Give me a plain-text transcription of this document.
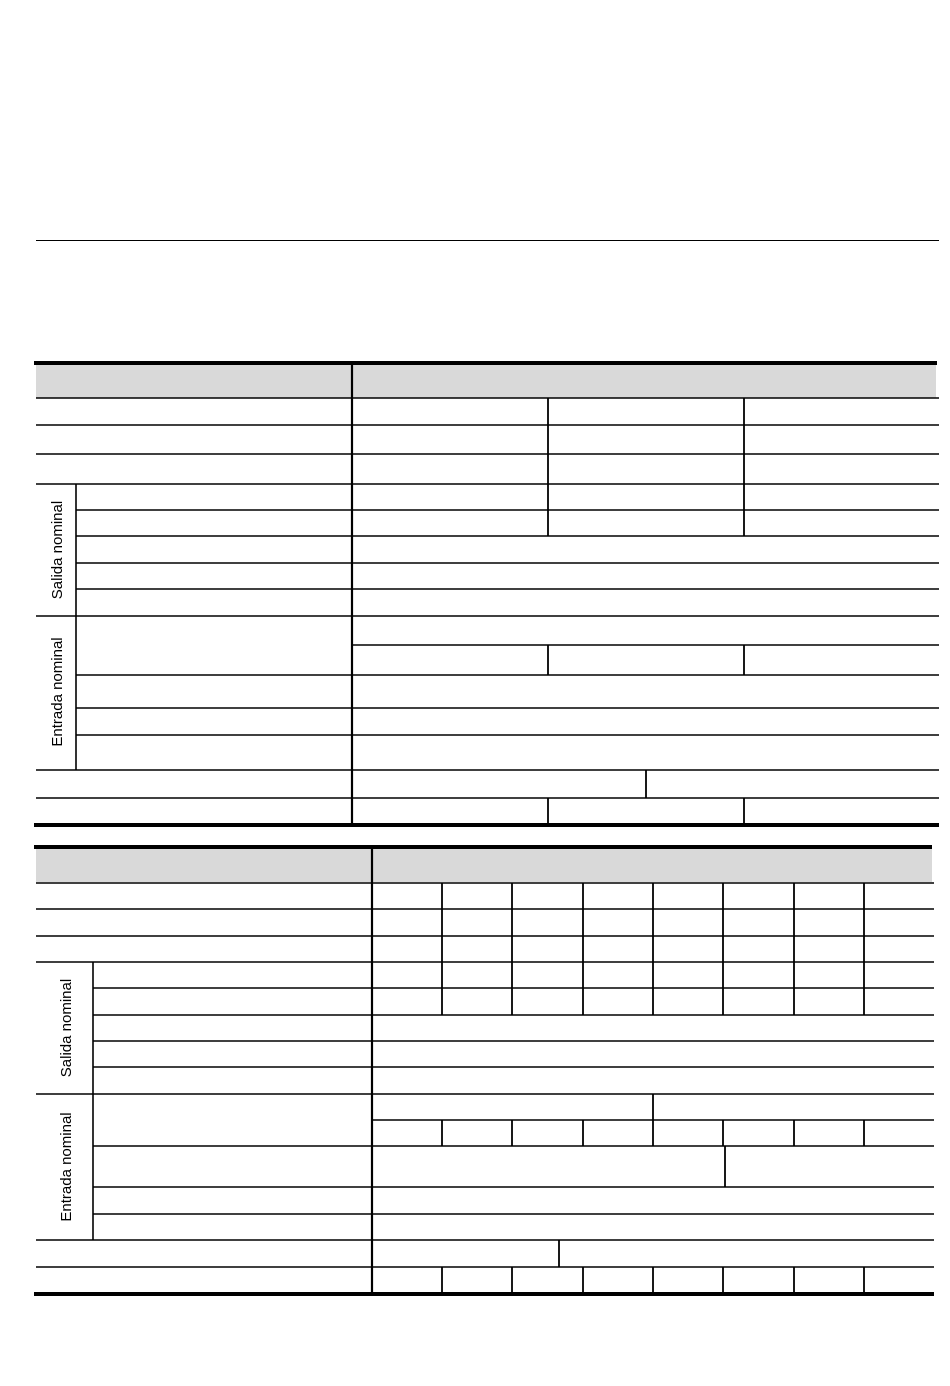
Salida nominal
Entrada nominal
Salida nominal
Entrada nominal
